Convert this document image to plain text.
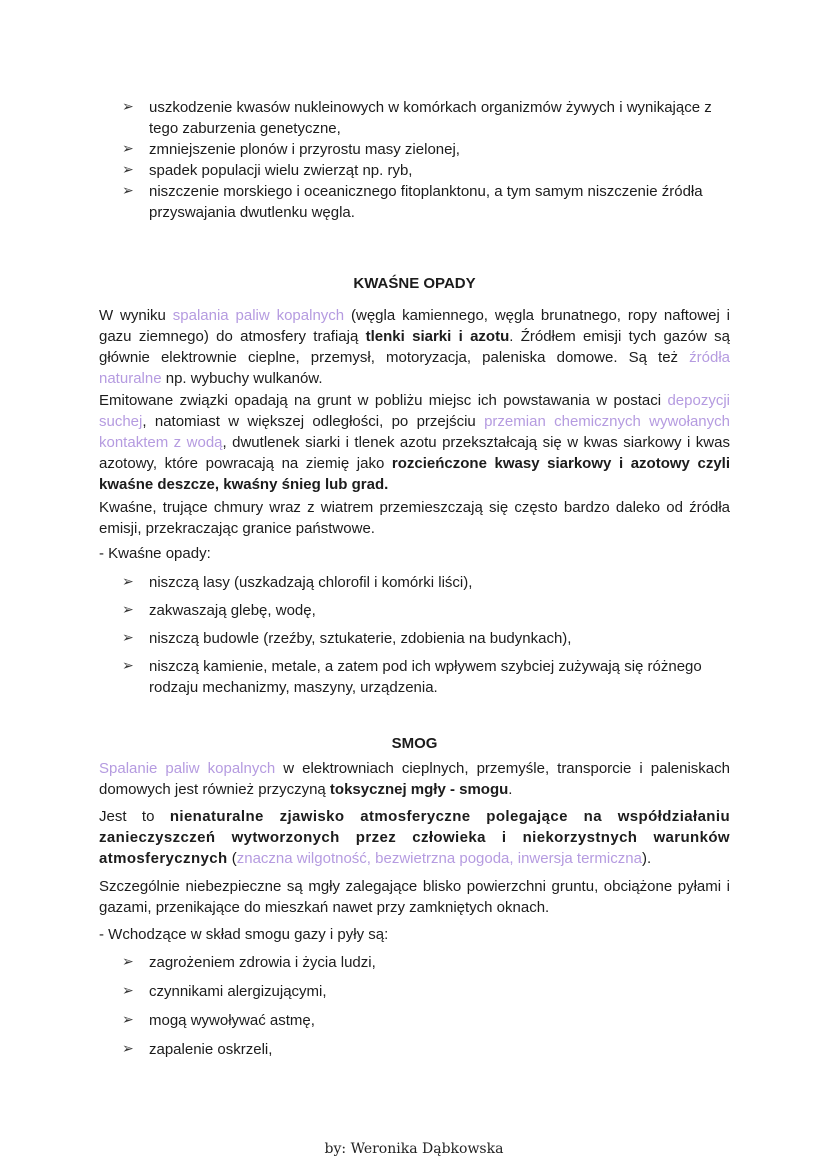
➢ uszkodzenie kwasów nukleinowych w komórkach organizmów żywych i wynikające z tego zaburzenia genetyczne,
➢ zmniejszenie plonów i przyrostu masy zielonej,
➢ spadek populacji wielu zwierząt np. ryb,
➢ niszczenie morskiego i oceanicznego fitoplanktonu, a tym samym niszczenie źródła przyswajania dwutlenku węgla.
KWAŚNE OPADY
W wyniku spalania paliw kopalnych (węgla kamiennego, węgla brunatnego, ropy naftowej i gazu ziemnego) do atmosfery trafiają tlenki siarki i azotu. Źródłem emisji tych gazów są głównie elektrownie cieplne, przemysł, motoryzacja, paleniska domowe. Są też źródła naturalne np. wybuchy wulkanów.
Emitowane związki opadają na grunt w pobliżu miejsc ich powstawania w postaci depozycji suchej, natomiast w większej odległości, po przejściu przemian chemicznych wywołanych kontaktem z wodą, dwutlenek siarki i tlenek azotu przekształcają się w kwas siarkowy i kwas azotowy, które powracają na ziemię jako rozcieńczone kwasy siarkowy i azotowy czyli kwaśne deszcze, kwaśny śnieg lub grad.
Kwaśne, trujące chmury wraz z wiatrem przemieszczają się często bardzo daleko od źródła emisji, przekraczając granice państwowe.
- Kwaśne opady:
➢ niszczą lasy (uszkadzają chlorofil i komórki liści),
➢ zakwaszają glebę, wodę,
➢ niszczą budowle (rzeźby, sztukaterie, zdobienia na budynkach),
➢ niszczą kamienie, metale, a zatem pod ich wpływem szybciej zużywają się różnego rodzaju mechanizmy, maszyny, urządzenia.
SMOG
Spalanie paliw kopalnych w elektrowniach cieplnych, przemyśle, transporcie i paleniskach domowych jest również przyczyną toksycznej mgły - smogu.
Jest to nienaturalne zjawisko atmosferyczne polegające na współdziałaniu zanieczyszczeń wytworzonych przez człowieka i niekorzystnych warunków atmosferycznych (znaczna wilgotność, bezwietrzna pogoda, inwersja termiczna).
Szczególnie niebezpieczne są mgły zalegające blisko powierzchni gruntu, obciążone pyłami i gazami, przenikające do mieszkań nawet przy zamkniętych oknach.
- Wchodzące w skład smogu gazy i pyły są:
➢ zagrożeniem zdrowia i życia ludzi,
➢ czynnikami alergizującymi,
➢ mogą wywoływać astmę,
➢ zapalenie oskrzeli,
by: Weronika Dąbkowska
